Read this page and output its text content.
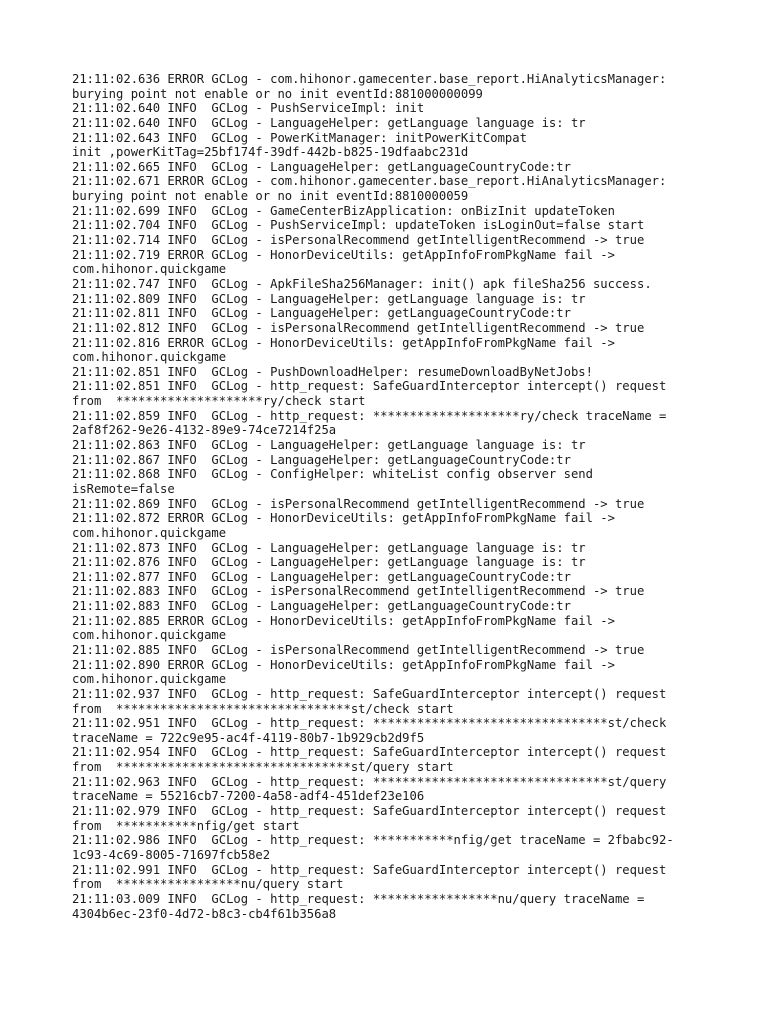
21:11:02.636 ERROR GCLog - com.hihonor.gamecenter.base_report.HiAnalyticsManager:
burying point not enable or no init eventId:881000000099
21:11:02.640 INFO  GCLog - PushServiceImpl: init
21:11:02.640 INFO  GCLog - LanguageHelper: getLanguage language is: tr
21:11:02.643 INFO  GCLog - PowerKitManager: initPowerKitCompat
init ,powerKitTag=25bf174f-39df-442b-b825-19dfaabc231d
21:11:02.665 INFO  GCLog - LanguageHelper: getLanguageCountryCode:tr
21:11:02.671 ERROR GCLog - com.hihonor.gamecenter.base_report.HiAnalyticsManager:
burying point not enable or no init eventId:8810000059
21:11:02.699 INFO  GCLog - GameCenterBizApplication: onBizInit updateToken
21:11:02.704 INFO  GCLog - PushServiceImpl: updateToken isLoginOut=false start
21:11:02.714 INFO  GCLog - isPersonalRecommend getIntelligentRecommend -> true
21:11:02.719 ERROR GCLog - HonorDeviceUtils: getAppInfoFromPkgName fail ->
com.hihonor.quickgame
21:11:02.747 INFO  GCLog - ApkFileSha256Manager: init() apk fileSha256 success.
21:11:02.809 INFO  GCLog - LanguageHelper: getLanguage language is: tr
21:11:02.811 INFO  GCLog - LanguageHelper: getLanguageCountryCode:tr
21:11:02.812 INFO  GCLog - isPersonalRecommend getIntelligentRecommend -> true
21:11:02.816 ERROR GCLog - HonorDeviceUtils: getAppInfoFromPkgName fail ->
com.hihonor.quickgame
21:11:02.851 INFO  GCLog - PushDownloadHelper: resumeDownloadByNetJobs!
21:11:02.851 INFO  GCLog - http_request: SafeGuardInterceptor intercept() request
from  ********************ry/check start
21:11:02.859 INFO  GCLog - http_request: ********************ry/check traceName =
2af8f262-9e26-4132-89e9-74ce7214f25a
21:11:02.863 INFO  GCLog - LanguageHelper: getLanguage language is: tr
21:11:02.867 INFO  GCLog - LanguageHelper: getLanguageCountryCode:tr
21:11:02.868 INFO  GCLog - ConfigHelper: whiteList config observer send
isRemote=false
21:11:02.869 INFO  GCLog - isPersonalRecommend getIntelligentRecommend -> true
21:11:02.872 ERROR GCLog - HonorDeviceUtils: getAppInfoFromPkgName fail ->
com.hihonor.quickgame
21:11:02.873 INFO  GCLog - LanguageHelper: getLanguage language is: tr
21:11:02.876 INFO  GCLog - LanguageHelper: getLanguage language is: tr
21:11:02.877 INFO  GCLog - LanguageHelper: getLanguageCountryCode:tr
21:11:02.883 INFO  GCLog - isPersonalRecommend getIntelligentRecommend -> true
21:11:02.883 INFO  GCLog - LanguageHelper: getLanguageCountryCode:tr
21:11:02.885 ERROR GCLog - HonorDeviceUtils: getAppInfoFromPkgName fail ->
com.hihonor.quickgame
21:11:02.885 INFO  GCLog - isPersonalRecommend getIntelligentRecommend -> true
21:11:02.890 ERROR GCLog - HonorDeviceUtils: getAppInfoFromPkgName fail ->
com.hihonor.quickgame
21:11:02.937 INFO  GCLog - http_request: SafeGuardInterceptor intercept() request
from  ********************************st/check start
21:11:02.951 INFO  GCLog - http_request: ********************************st/check
traceName = 722c9e95-ac4f-4119-80b7-1b929cb2d9f5
21:11:02.954 INFO  GCLog - http_request: SafeGuardInterceptor intercept() request
from  ********************************st/query start
21:11:02.963 INFO  GCLog - http_request: ********************************st/query
traceName = 55216cb7-7200-4a58-adf4-451def23e106
21:11:02.979 INFO  GCLog - http_request: SafeGuardInterceptor intercept() request
from  ***********nfig/get start
21:11:02.986 INFO  GCLog - http_request: ***********nfig/get traceName = 2fbabc92-
1c93-4c69-8005-71697fcb58e2
21:11:02.991 INFO  GCLog - http_request: SafeGuardInterceptor intercept() request
from  *****************nu/query start
21:11:03.009 INFO  GCLog - http_request: *****************nu/query traceName =
4304b6ec-23f0-4d72-b8c3-cb4f61b356a8
